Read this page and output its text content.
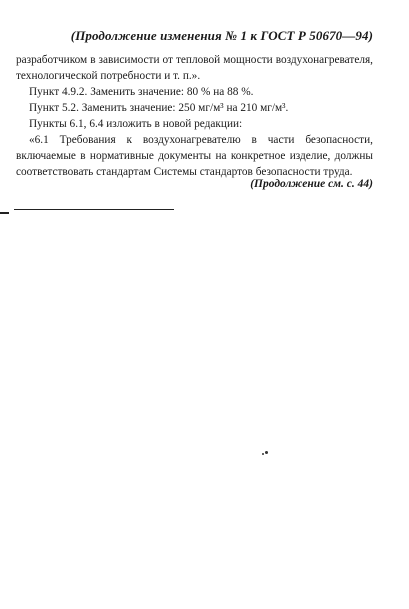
(Продолжение изменения № 1 к ГОСТ Р 50670—94)

разработчиком в зависимости от тепловой мощности воздухонагревателя, технологической потребности и т. п.».

Пункт 4.9.2. Заменить значение: 80 % на 88 %.

Пункт 5.2. Заменить значение: 250 мг/м³ на 210 мг/м³.

Пункты 6.1, 6.4 изложить в новой редакции:

«6.1 Требования к воздухонагревателю в части безопасности, включаемые в нормативные документы на конкретное изделие, должны соответствовать стандартам Системы стандартов безопасности труда.

(Продолжение см. с. 44)
